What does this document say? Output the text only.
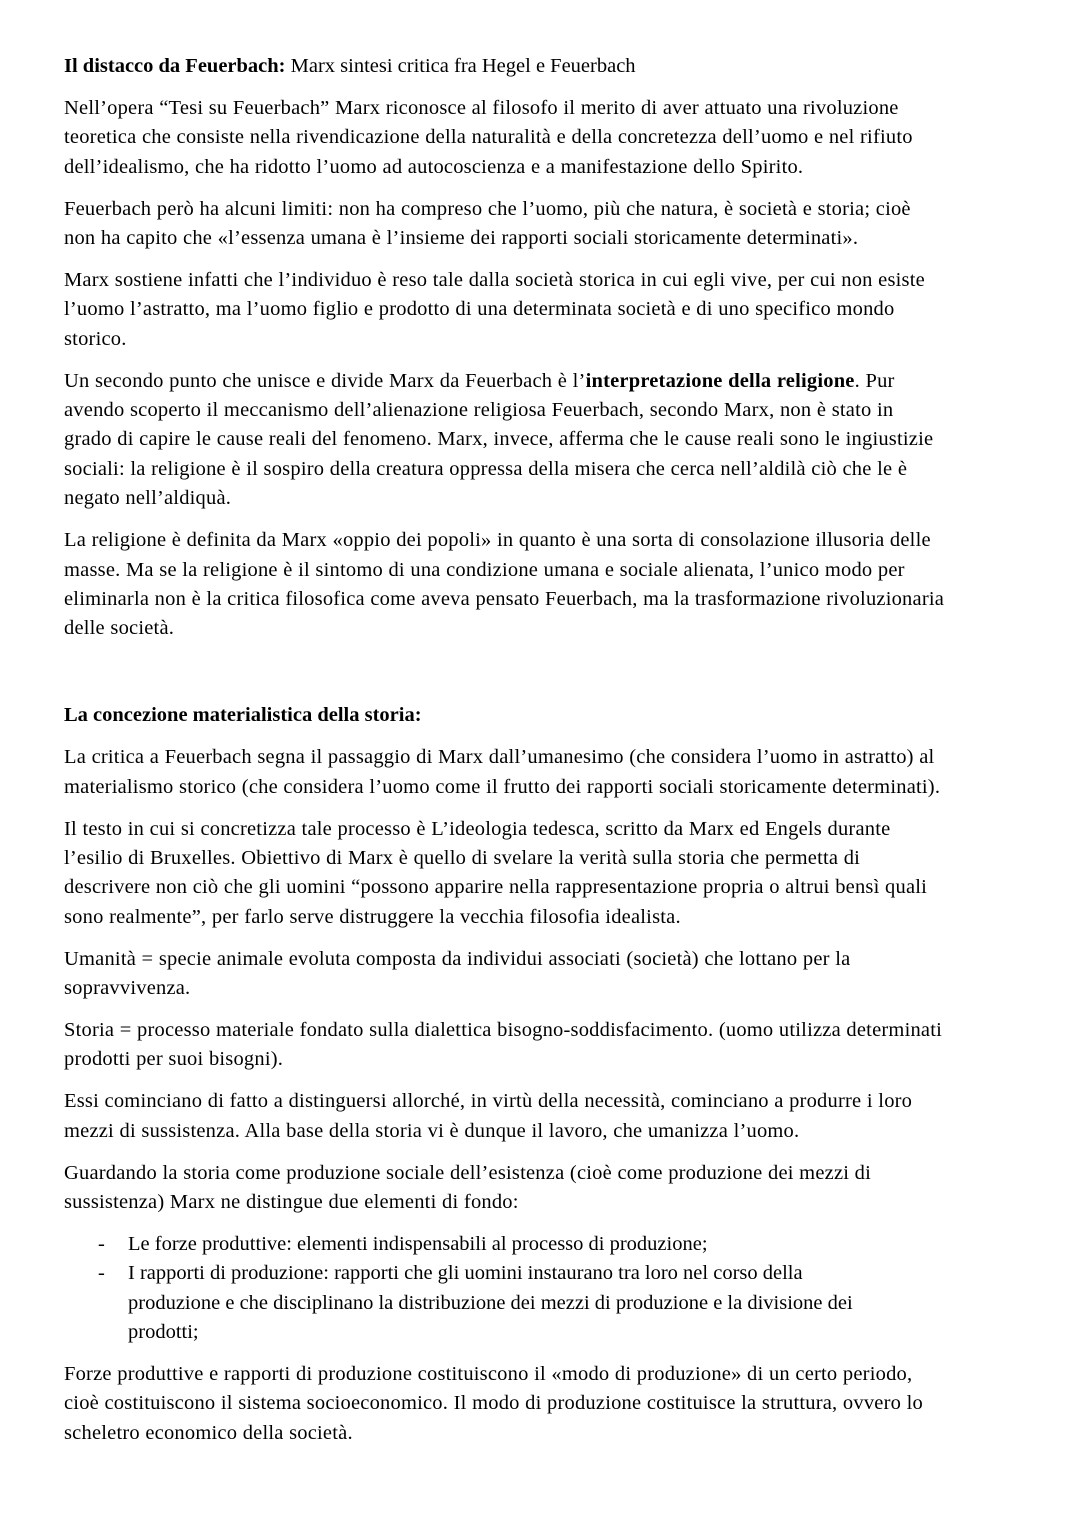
Il distacco da Feuerbach: Marx sintesi critica fra Hegel e Feuerbach

Nell’opera “Tesi su Feuerbach” Marx riconosce al filosofo il merito di aver attuato una rivoluzione teoretica che consiste nella rivendicazione della naturalità e della concretezza dell’uomo e nel rifiuto dell’idealismo, che ha ridotto l’uomo ad autocoscienza e a manifestazione dello Spirito.

Feuerbach però ha alcuni limiti: non ha compreso che l’uomo, più che natura, è società e storia; cioè non ha capito che «l’essenza umana è l’insieme dei rapporti sociali storicamente determinati».

Marx sostiene infatti che l’individuo è reso tale dalla società storica in cui egli vive, per cui non esiste l’uomo l’astratto, ma l’uomo figlio e prodotto di una determinata società e di uno specifico mondo storico.

Un secondo punto che unisce e divide Marx da Feuerbach è l’interpretazione della religione. Pur avendo scoperto il meccanismo dell’alienazione religiosa Feuerbach, secondo Marx, non è stato in grado di capire le cause reali del fenomeno. Marx, invece, afferma che le cause reali sono le ingiustizie sociali: la religione è il sospiro della creatura oppressa della misera che cerca nell’aldilà ciò che le è negato nell’aldiquà.

La religione è definita da Marx «oppio dei popoli» in quanto è una sorta di consolazione illusoria delle masse. Ma se la religione è il sintomo di una condizione umana e sociale alienata, l’unico modo per eliminarla non è la critica filosofica come aveva pensato Feuerbach, ma la trasformazione rivoluzionaria delle società.

La concezione materialistica della storia:

La critica a Feuerbach segna il passaggio di Marx dall’umanesimo (che considera l’uomo in astratto) al materialismo storico (che considera l’uomo come il frutto dei rapporti sociali storicamente determinati).

Il testo in cui si concretizza tale processo è L’ideologia tedesca, scritto da Marx ed Engels durante l’esilio di Bruxelles. Obiettivo di Marx è quello di svelare la verità sulla storia che permetta di descrivere non ciò che gli uomini “possono apparire nella rappresentazione propria o altrui bensì quali sono realmente”, per farlo serve distruggere la vecchia filosofia idealista.

Umanità = specie animale evoluta composta da individui associati (società) che lottano per la sopravvivenza.

Storia = processo materiale fondato sulla dialettica bisogno-soddisfacimento. (uomo utilizza determinati prodotti per suoi bisogni).

Essi cominciano di fatto a distinguersi allorché, in virtù della necessità, cominciano a produrre i loro mezzi di sussistenza. Alla base della storia vi è dunque il lavoro, che umanizza l’uomo.

Guardando la storia come produzione sociale dell’esistenza (cioè come produzione dei mezzi di sussistenza) Marx ne distingue due elementi di fondo:

- Le forze produttive: elementi indispensabili al processo di produzione;
- I rapporti di produzione: rapporti che gli uomini instaurano tra loro nel corso della produzione e che disciplinano la distribuzione dei mezzi di produzione e la divisione dei prodotti;

Forze produttive e rapporti di produzione costituiscono il «modo di produzione» di un certo periodo, cioè costituiscono il sistema socioeconomico. Il modo di produzione costituisce la struttura, ovvero lo scheletro economico della società.
